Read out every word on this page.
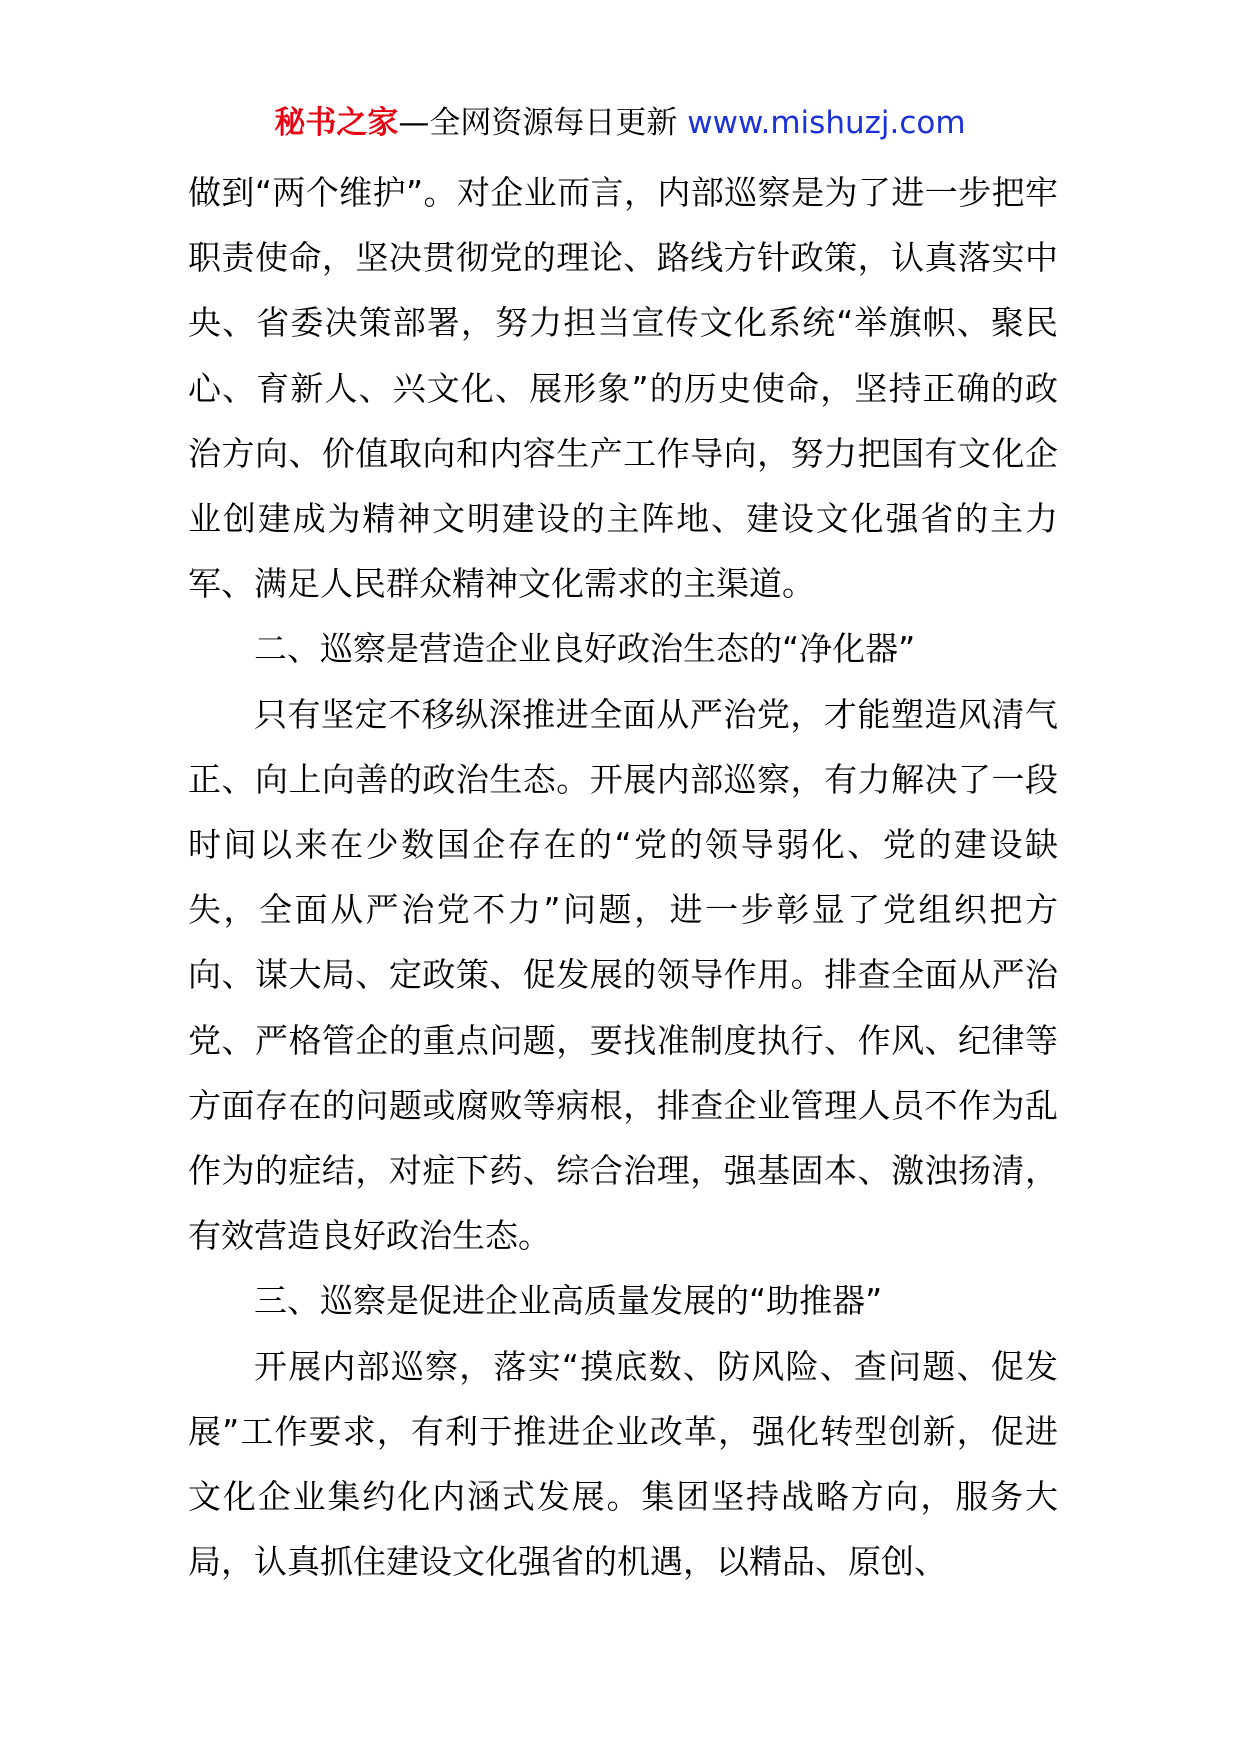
秘书之家—全网资源每日更新 www.mishuzj.com

做到“两个维护”。对企业而言，内部巡察是为了进一步把牢职责使命，坚决贯彻党的理论、路线方针政策，认真落实中央、省委决策部署，努力担当宣传文化系统“举旗帜、聚民心、育新人、兴文化、展形象”的历史使命，坚持正确的政治方向、价值取向和内容生产工作导向，努力把国有文化企业创建成为精神文明建设的主阵地、建设文化强省的主力军、满足人民群众精神文化需求的主渠道。

二、巡察是营造企业良好政治生态的“净化器”

只有坚定不移纵深推进全面从严治党，才能塑造风清气正、向上向善的政治生态。开展内部巡察，有力解决了一段时间以来在少数国企存在的“党的领导弱化、党的建设缺失，全面从严治党不力”问题，进一步彰显了党组织把方向、谋大局、定政策、促发展的领导作用。排查全面从严治党、严格管企的重点问题，要找准制度执行、作风、纪律等方面存在的问题或腐败等病根，排查企业管理人员不作为乱作为的症结，对症下药、综合治理，强基固本、激浊扬清，有效营造良好政治生态。

三、巡察是促进企业高质量发展的“助推器”

开展内部巡察，落实“摸底数、防风险、查问题、促发展”工作要求，有利于推进企业改革，强化转型创新，促进文化企业集约化内涵式发展。集团坚持战略方向，服务大局，认真抓住建设文化强省的机遇，以精品、原创、
